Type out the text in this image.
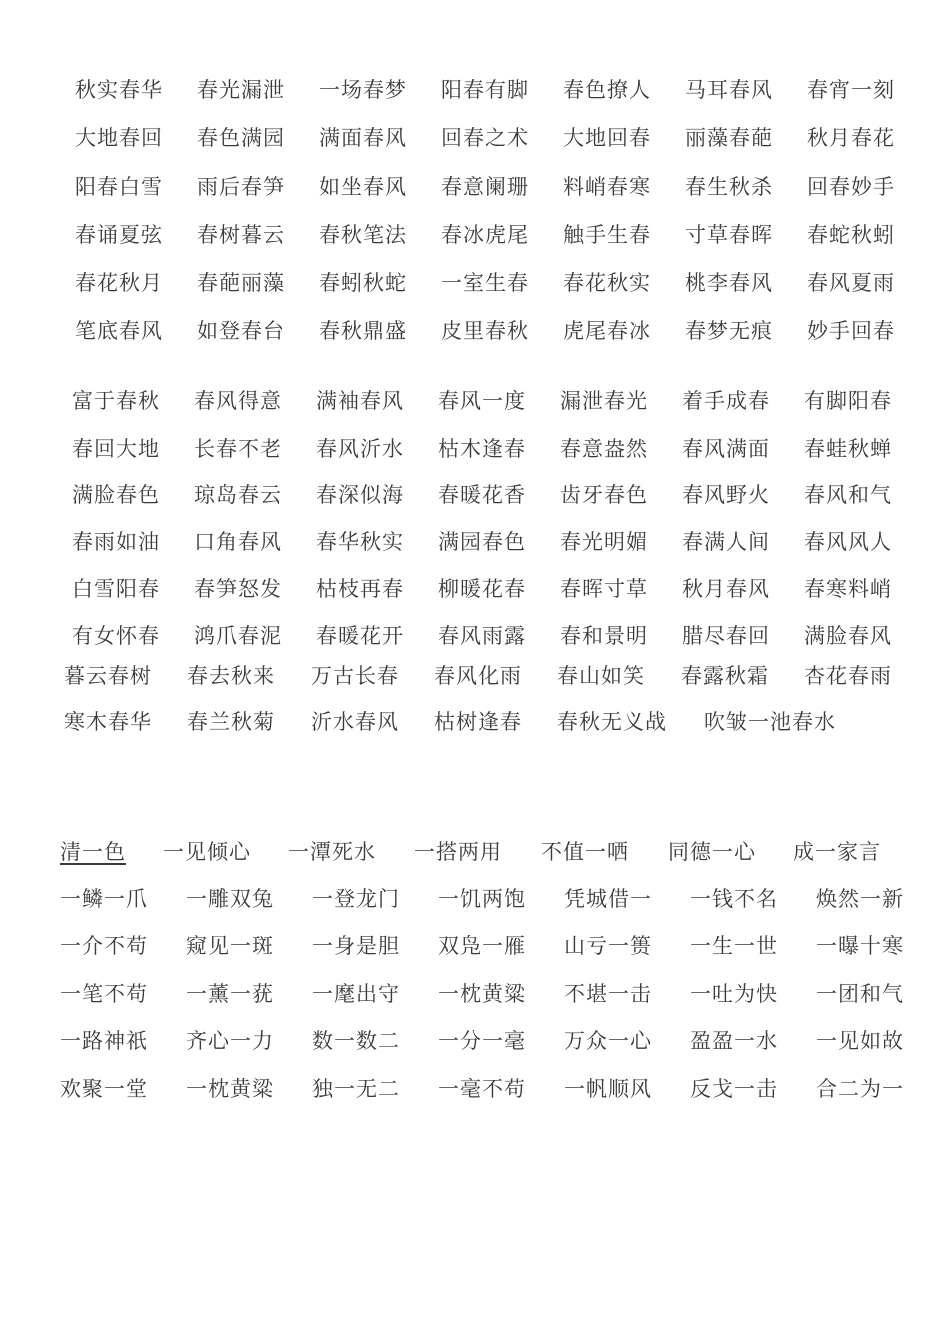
秋实春华 春光漏泄 一场春梦 阳春有脚 春色撩人 马耳春风 春宵一刻
大地春回 春色满园 满面春风 回春之术 大地回春 丽藻春葩 秋月春花
阳春白雪 雨后春笋 如坐春风 春意阑珊 料峭春寒 春生秋杀 回春妙手
春诵夏弦 春树暮云 春秋笔法 春冰虎尾 触手生春 寸草春晖 春蛇秋蚓
春花秋月 春葩丽藻 春蚓秋蛇 一室生春 春花秋实 桃李春风 春风夏雨
笔底春风 如登春台 春秋鼎盛 皮里春秋 虎尾春冰 春梦无痕 妙手回春
富于春秋 春风得意 满袖春风 春风一度 漏泄春光 着手成春 有脚阳春
春回大地 长春不老 春风沂水 枯木逢春 春意盎然 春风满面 春蛙秋蝉
满脸春色 琼岛春云 春深似海 春暖花香 齿牙春色 春风野火 春风和气
春雨如油 口角春风 春华秋实 满园春色 春光明媚 春满人间 春风风人
白雪阳春 春笋怒发 枯枝再春 柳暖花春 春晖寸草 秋月春风 春寒料峭
有女怀春 鸿爪春泥 春暖花开 春风雨露 春和景明 腊尽春回 满脸春风
暮云春树 春去秋来 万古长春 春风化雨 春山如笑 春露秋霜 杏花春雨
寒木春华 春兰秋菊 沂水春风 枯树逢春 春秋无义战 吹皱一池春水
清一色 一见倾心 一潭死水 一搭两用 不值一哂 同德一心 成一家言
一鳞一爪 一雕双兔 一登龙门 一饥两饱 凭城借一 一钱不名 焕然一新
一介不苟 窥见一斑 一身是胆 双凫一雁 山亏一篑 一生一世 一曝十寒
一笔不苟 一薰一莸 一麾出守 一枕黄粱 不堪一击 一吐为快 一团和气
一路神祇 齐心一力 数一数二 一分一毫 万众一心 盈盈一水 一见如故
欢聚一堂 一枕黄粱 独一无二 一毫不苟 一帆顺风 反戈一击 合二为一
